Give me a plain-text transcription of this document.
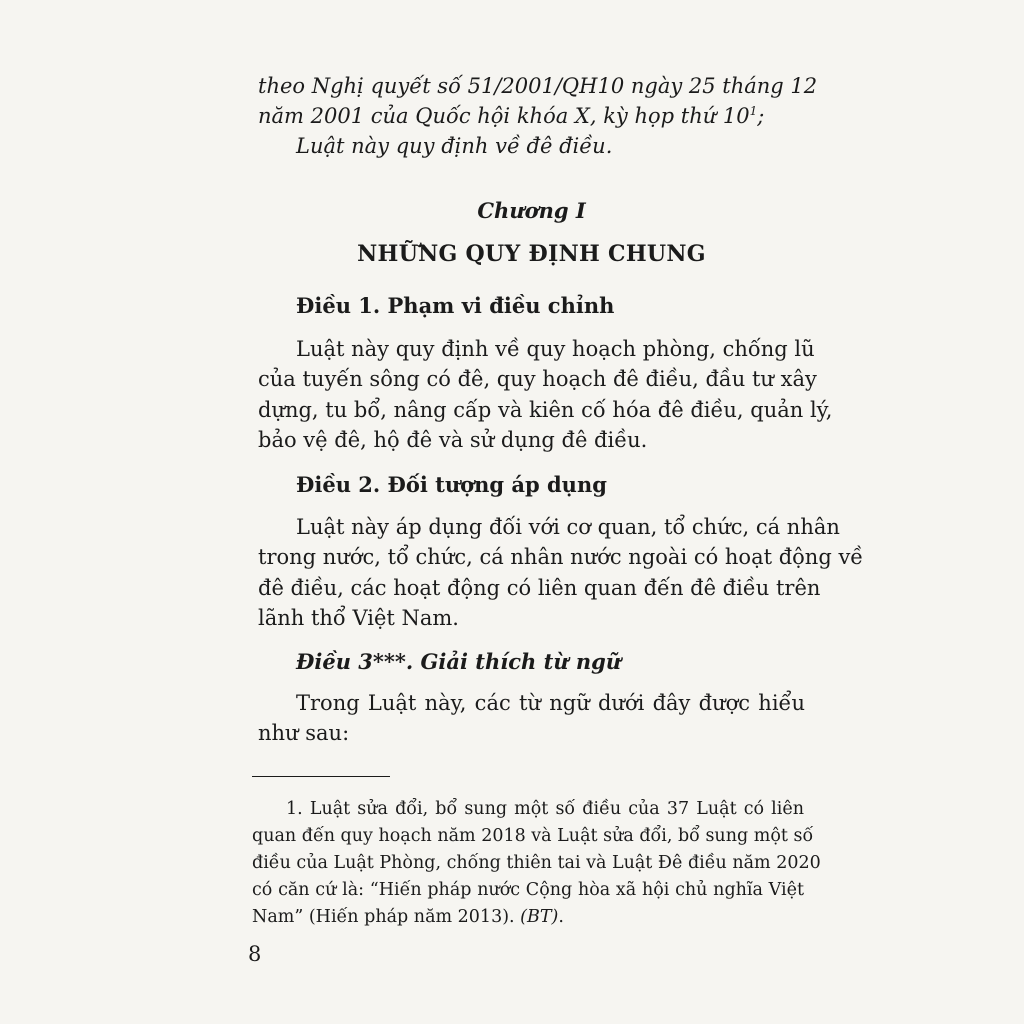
theo Nghị quyết số 51/2001/QH10 ngày 25 tháng 12
năm 2001 của Quốc hội khóa X, kỳ họp thứ $10^1$;
Luật này quy định về đê điều.
Chương I
NHỮNG QUY ĐỊNH CHUNG
Điều 1. Phạm vi điều chỉnh
Luật này quy định về quy hoạch phòng, chống lũ
của tuyến sông có đê, quy hoạch đê điều, đầu tư xây
dựng, tu bổ, nâng cấp và kiên cố hóa đê điều, quản lý,
bảo vệ đê, hộ đê và sử dụng đê điều.
Điều 2. Đối tượng áp dụng
Luật này áp dụng đối với cơ quan, tổ chức, cá nhân
trong nước, tổ chức, cá nhân nước ngoài có hoạt động về
đê điều, các hoạt động có liên quan đến đê điều trên
lãnh thổ Việt Nam.
Điều 3***. Giải thích từ ngữ
Trong Luật này, các từ ngữ dưới đây được hiểu
như sau:
1. Luật sửa đổi, bổ sung một số điều của 37 Luật có liên
quan đến quy hoạch năm 2018 và Luật sửa đổi, bổ sung một số
điều của Luật Phòng, chống thiên tai và Luật Đê điều năm 2020
có căn cứ là: “Hiến pháp nước Cộng hòa xã hội chủ nghĩa Việt
Nam” (Hiến pháp năm 2013). (BT).
8
